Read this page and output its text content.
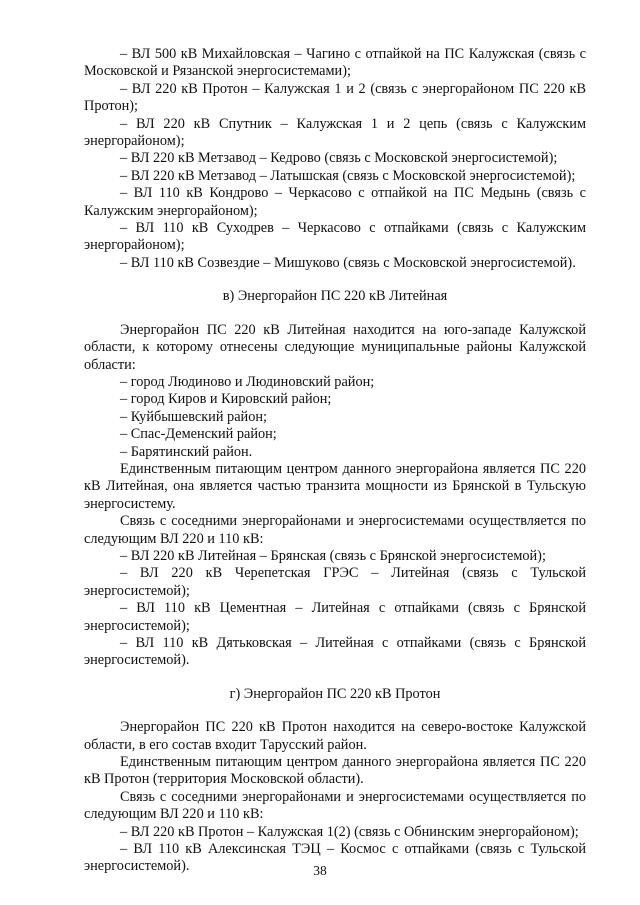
– ВЛ 500 кВ Михайловская – Чагино с отпайкой на ПС Калужская (связь с Московской и Рязанской энергосистемами);

– ВЛ 220 кВ Протон – Калужская 1 и 2 (связь с энергорайоном ПС 220 кВ Протон);

– ВЛ 220 кВ Спутник – Калужская 1 и 2 цепь (связь с Калужским энергорайоном);

– ВЛ 220 кВ Метзавод – Кедрово (связь с Московской энергосистемой);

– ВЛ 220 кВ Метзавод – Латышская (связь с Московской энергосистемой);

– ВЛ 110 кВ Кондрово – Черкасово с отпайкой на ПС Медынь (связь с Калужским энергорайоном);

– ВЛ 110 кВ Суходрев – Черкасово с отпайками (связь с Калужским энергорайоном);

– ВЛ 110 кВ Созвездие – Мишуково (связь с Московской энергосистемой).

в) Энергорайон ПС 220 кВ Литейная

Энергорайон ПС 220 кВ Литейная находится на юго-западе Калужской области, к которому отнесены следующие муниципальные районы Калужской области:

– город Людиново и Людиновский район;

– город Киров и Кировский район;

– Куйбышевский район;

– Спас-Деменский район;

– Барятинский район.

Единственным питающим центром данного энергорайона является ПС 220 кВ Литейная, она является частью транзита мощности из Брянской в Тульскую энергосистему.

Связь с соседними энергорайонами и энергосистемами осуществляется по следующим ВЛ 220 и 110 кВ:

– ВЛ 220 кВ Литейная – Брянская (связь с Брянской энергосистемой);

– ВЛ 220 кВ Черепетская ГРЭС – Литейная (связь с Тульской энергосистемой);

– ВЛ 110 кВ Цементная – Литейная с отпайками (связь с Брянской энергосистемой);

– ВЛ 110 кВ Дятьковская – Литейная с отпайками (связь с Брянской энергосистемой).

г) Энергорайон ПС 220 кВ Протон

Энергорайон ПС 220 кВ Протон находится на северо-востоке Калужской области, в его состав входит Тарусский район.

Единственным питающим центром данного энергорайона является ПС 220 кВ Протон (территория Московской области).

Связь с соседними энергорайонами и энергосистемами осуществляется по следующим ВЛ 220 и 110 кВ:

– ВЛ 220 кВ Протон – Калужская 1(2) (связь с Обнинским энергорайоном);

– ВЛ 110 кВ Алексинская ТЭЦ – Космос с отпайками (связь с Тульской энергосистемой).	38
